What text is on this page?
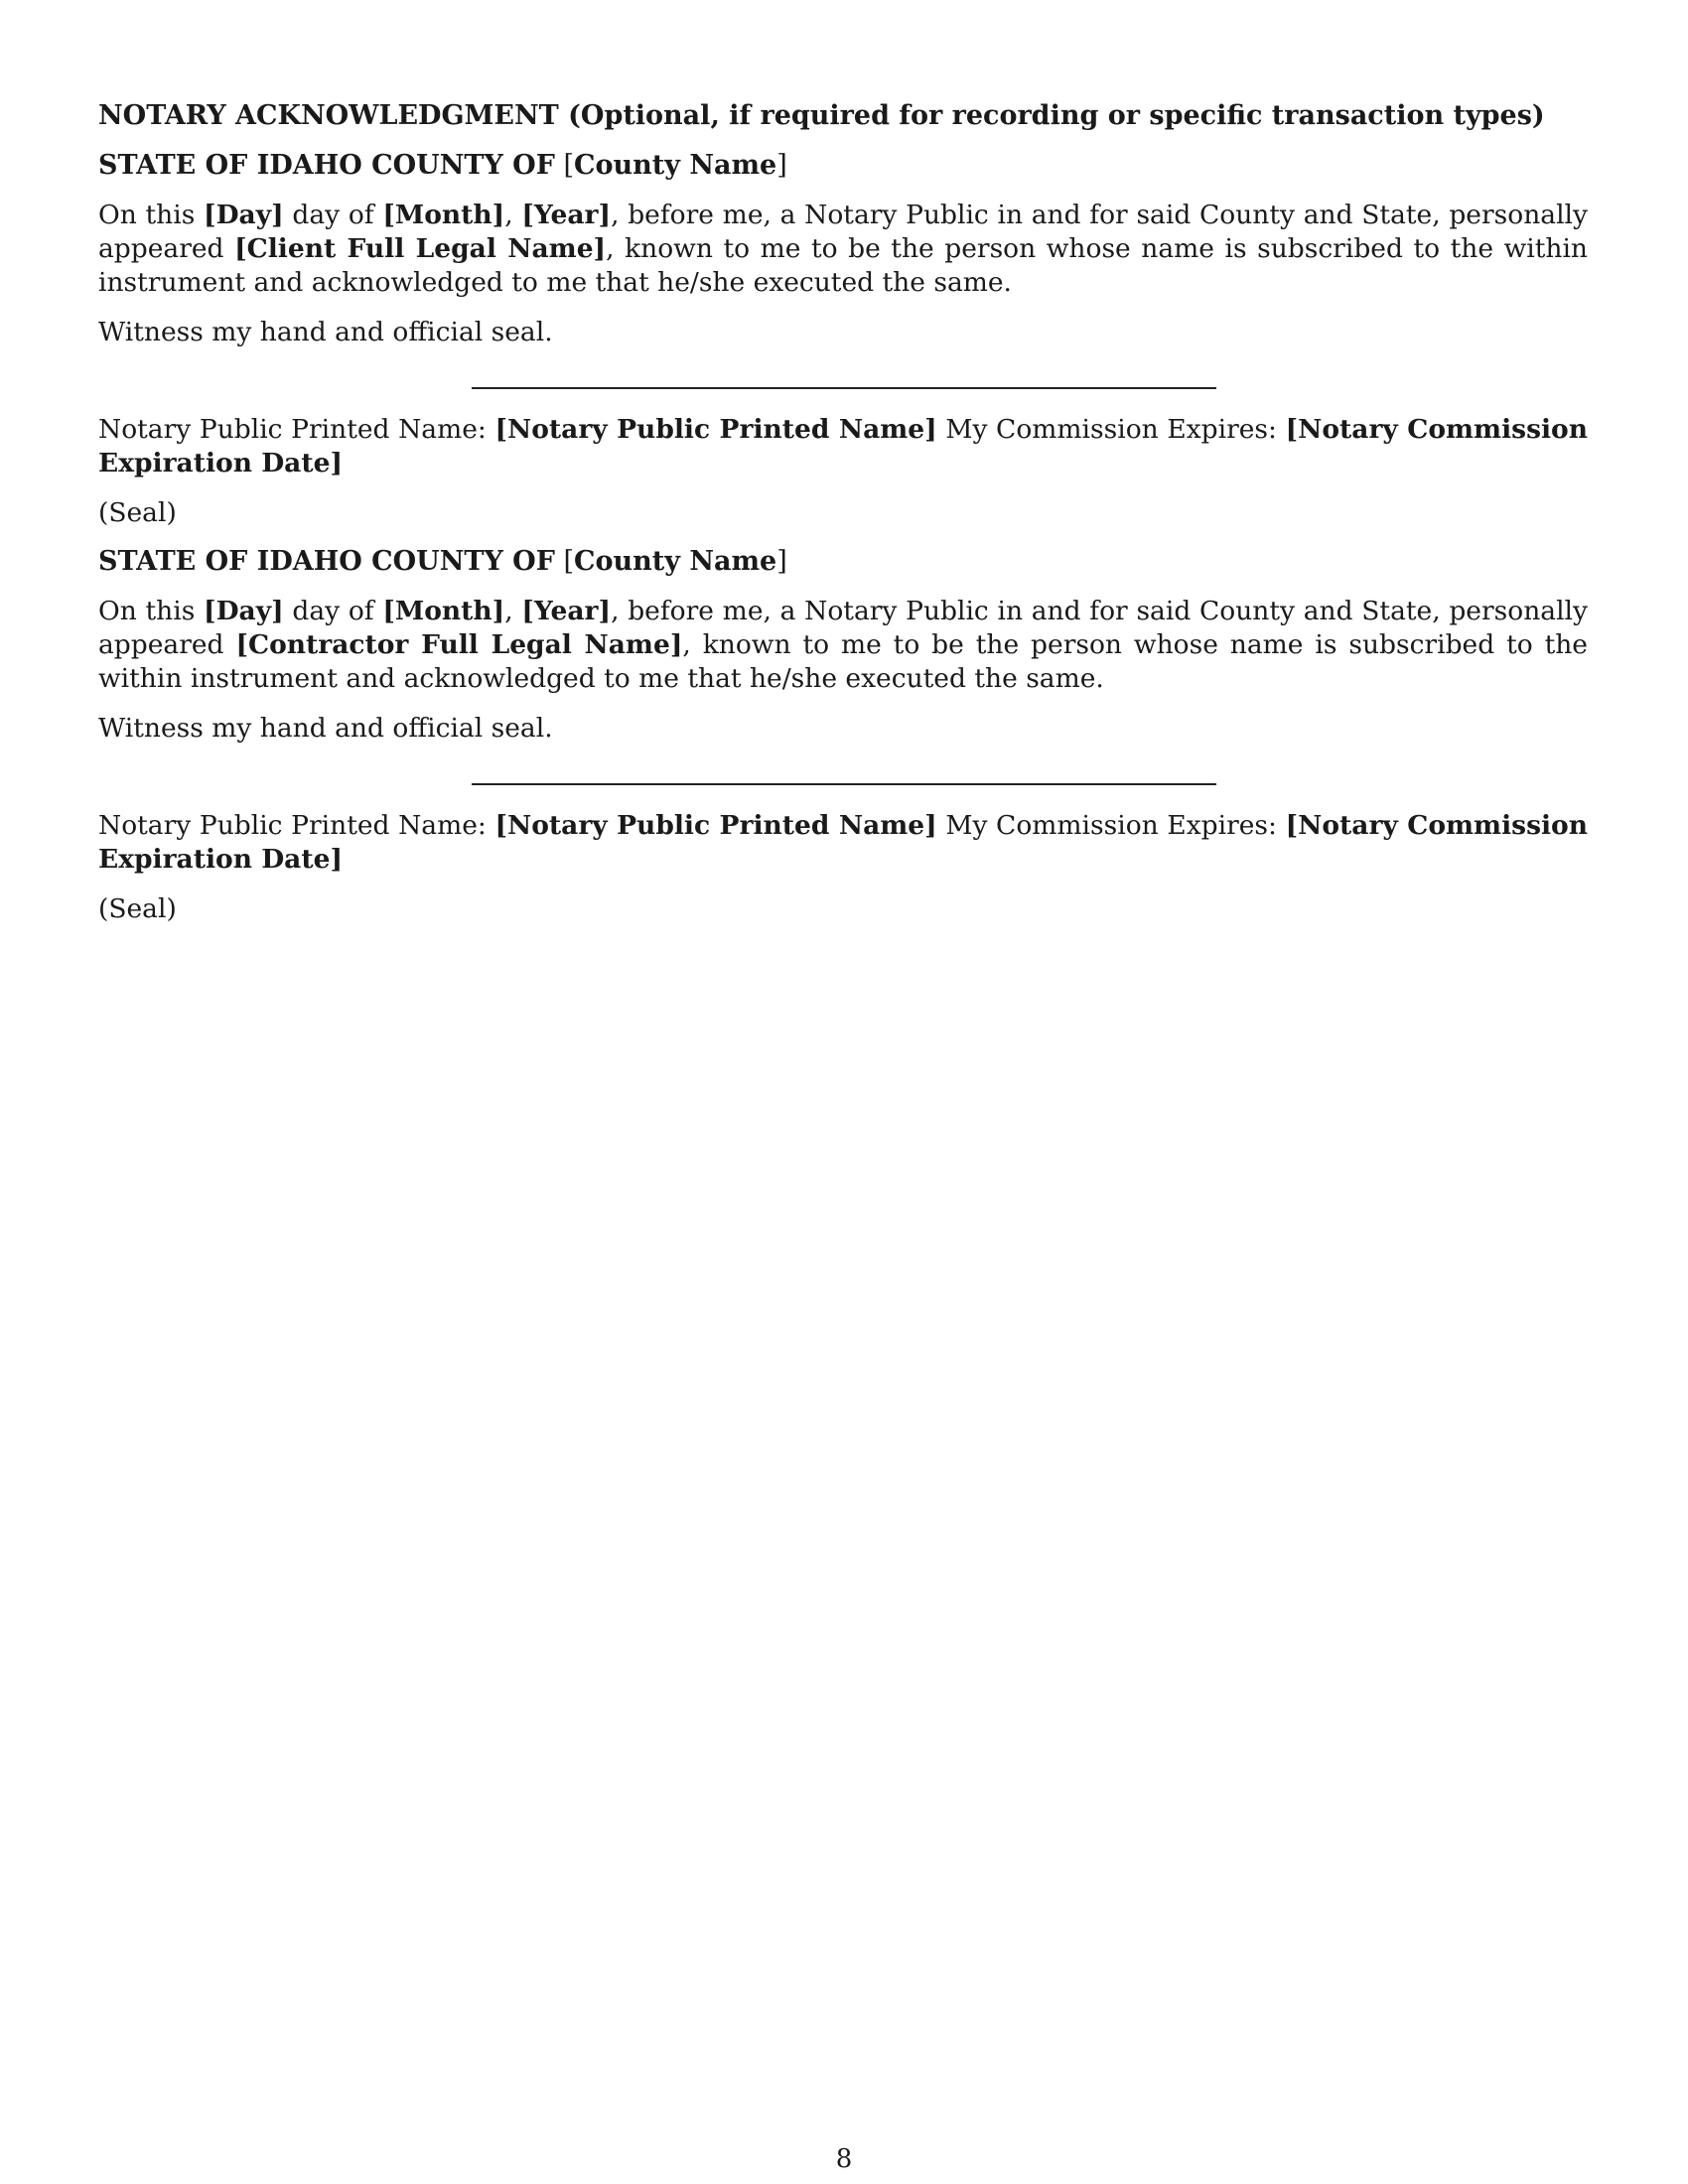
NOTARY ACKNOWLEDGMENT (Optional, if required for recording or specific transaction types)

STATE OF IDAHO COUNTY OF [County Name]

On this [Day] day of [Month], [Year], before me, a Notary Public in and for said County and State, personally appeared [Client Full Legal Name], known to me to be the person whose name is subscribed to the within instrument and acknowledged to me that he/she executed the same.

Witness my hand and official seal.

Notary Public Printed Name: [Notary Public Printed Name] My Commission Expires: [Notary Commission Expiration Date]

(Seal)

STATE OF IDAHO COUNTY OF [County Name]

On this [Day] day of [Month], [Year], before me, a Notary Public in and for said County and State, personally appeared [Contractor Full Legal Name], known to me to be the person whose name is subscribed to the within instrument and acknowledged to me that he/she executed the same.

Witness my hand and official seal.

Notary Public Printed Name: [Notary Public Printed Name] My Commission Expires: [Notary Commission Expiration Date]

(Seal)

8
